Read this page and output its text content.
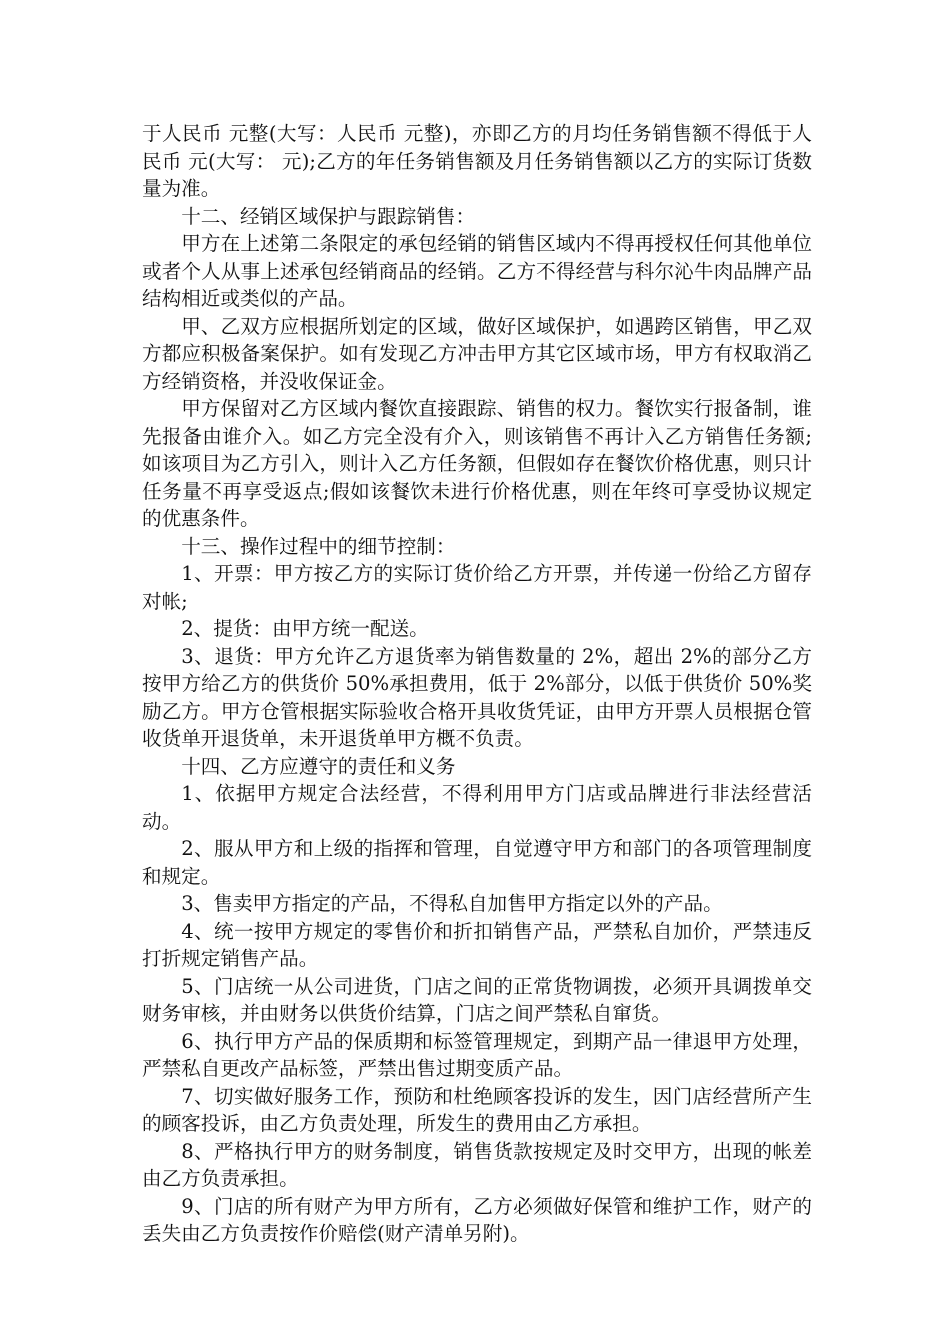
于人民币 元整(大写：人民币 元整)，亦即乙方的月均任务销售额不得低于人民币 元(大写： 元);乙方的年任务销售额及月任务销售额以乙方的实际订货数量为准。

十二、经销区域保护与跟踪销售：

甲方在上述第二条限定的承包经销的销售区域内不得再授权任何其他单位或者个人从事上述承包经销商品的经销。乙方不得经营与科尔沁牛肉品牌产品结构相近或类似的产品。

甲、乙双方应根据所划定的区域，做好区域保护，如遇跨区销售，甲乙双方都应积极备案保护。如有发现乙方冲击甲方其它区域市场，甲方有权取消乙方经销资格，并没收保证金。

甲方保留对乙方区域内餐饮直接跟踪、销售的权力。餐饮实行报备制，谁先报备由谁介入。如乙方完全没有介入，则该销售不再计入乙方销售任务额;如该项目为乙方引入，则计入乙方任务额，但假如存在餐饮价格优惠，则只计任务量不再享受返点;假如该餐饮未进行价格优惠，则在年终可享受协议规定的优惠条件。

十三、操作过程中的细节控制：

1、开票：甲方按乙方的实际订货价给乙方开票，并传递一份给乙方留存对帐;

2、提货：由甲方统一配送。

3、退货：甲方允许乙方退货率为销售数量的 2%，超出 2%的部分乙方按甲方给乙方的供货价 50%承担费用，低于 2%部分，以低于供货价 50%奖励乙方。甲方仓管根据实际验收合格开具收货凭证，由甲方开票人员根据仓管收货单开退货单，未开退货单甲方概不负责。

十四、乙方应遵守的责任和义务

1、依据甲方规定合法经营，不得利用甲方门店或品牌进行非法经营活动。

2、服从甲方和上级的指挥和管理，自觉遵守甲方和部门的各项管理制度和规定。

3、售卖甲方指定的产品，不得私自加售甲方指定以外的产品。

4、统一按甲方规定的零售价和折扣销售产品，严禁私自加价，严禁违反打折规定销售产品。

5、门店统一从公司进货，门店之间的正常货物调拨，必须开具调拨单交财务审核，并由财务以供货价结算，门店之间严禁私自窜货。

6、执行甲方产品的保质期和标签管理规定，到期产品一律退甲方处理，严禁私自更改产品标签，严禁出售过期变质产品。

7、切实做好服务工作，预防和杜绝顾客投诉的发生，因门店经营所产生的顾客投诉，由乙方负责处理，所发生的费用由乙方承担。

8、严格执行甲方的财务制度，销售货款按规定及时交甲方，出现的帐差由乙方负责承担。

9、门店的所有财产为甲方所有，乙方必须做好保管和维护工作，财产的丢失由乙方负责按作价赔偿(财产清单另附)。
